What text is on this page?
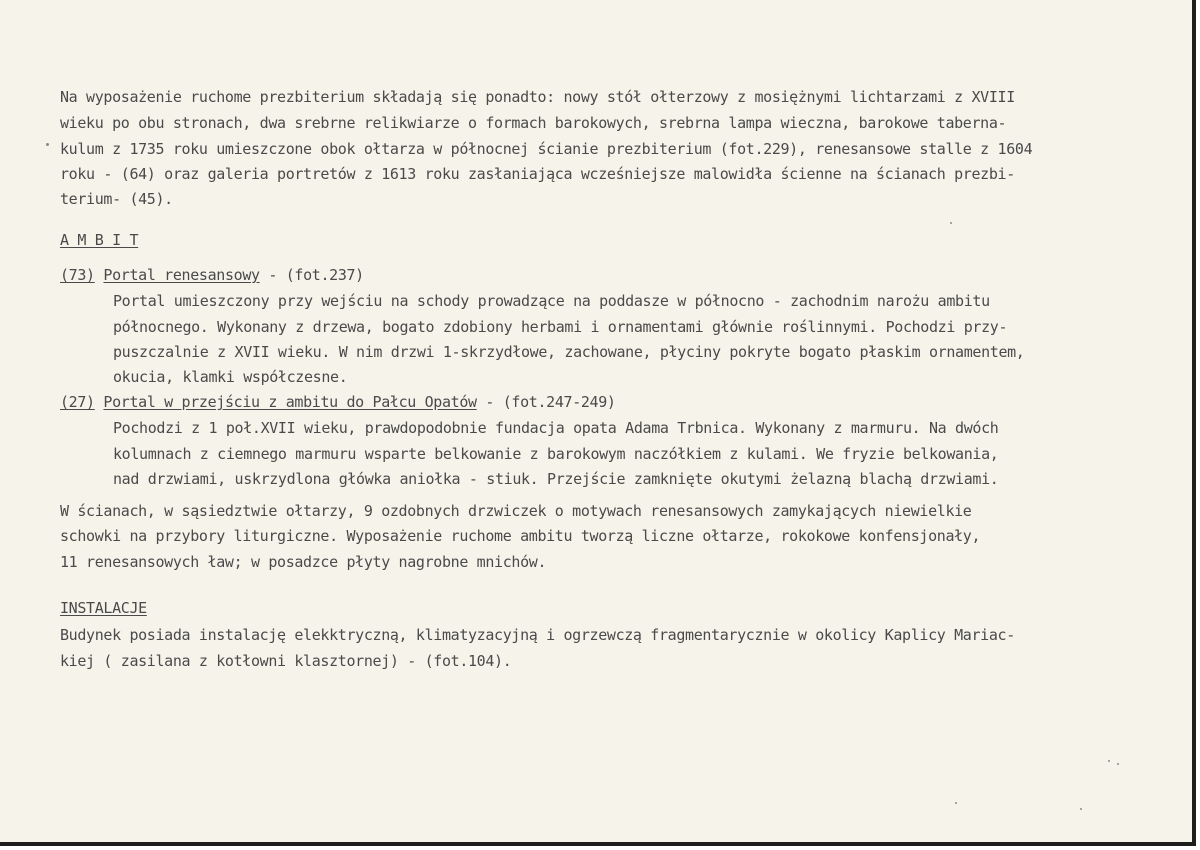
Na wyposażenie ruchome prezbiterium składają się ponadto: nowy stół ołterzowy z mosiężnymi lichtarzami z XVIII
wieku po obu stronach, dwa srebrne relikwiarze o formach barokowych, srebrna lampa wieczna, barokowe taberna-
kulum z 1735 roku umieszczone obok ołtarza w północnej ścianie prezbiterium (fot.229), renesansowe stalle z 1604
roku - (64) oraz galeria portretów z 1613 roku zasłaniająca wcześniejsze malowidła ścienne na ścianach prezbi-
terium- (45).
A M B I T
(73) Portal renesansowy - (fot.237)
Portal umieszczony przy wejściu na schody prowadzące na poddasze w północno - zachodnim narożu ambitu
północnego. Wykonany z drzewa, bogato zdobiony herbami i ornamentami głównie roślinnymi. Pochodzi przy-
puszczalnie z XVII wieku. W nim drzwi 1-skrzydłowe, zachowane, płyciny pokryte bogato płaskim ornamentem,
okucia, klamki współczesne.
(27) Portal w przejściu z ambitu do Pałcu Opatów - (fot.247-249)
Pochodzi z 1 poł.XVII wieku, prawdopodobnie fundacja opata Adama Trbnica. Wykonany z marmuru. Na dwóch
kolumnach z ciemnego marmuru wsparte belkowanie z barokowym naczółkiem z kulami. We fryzie belkowania,
nad drzwiami, uskrzydlona główka aniołka - stiuk. Przejście zamknięte okutymi żelazną blachą drzwiami.
W ścianach, w sąsiedztwie ołtarzy, 9 ozdobnych drzwiczek o motywach renesansowych zamykających niewielkie
schowki na przybory liturgiczne. Wyposażenie ruchome ambitu tworzą liczne ołtarze, rokokowe konfensjonały,
11 renesansowych ław; w posadzce płyty nagrobne mnichów.
INSTALACJE
Budynek posiada instalację elekktryczną, klimatyzacyjną i ogrzewczą fragmentarycznie w okolicy Kaplicy Mariac-
kiej ( zasilana z kotłowni klasztornej) - (fot.104).
